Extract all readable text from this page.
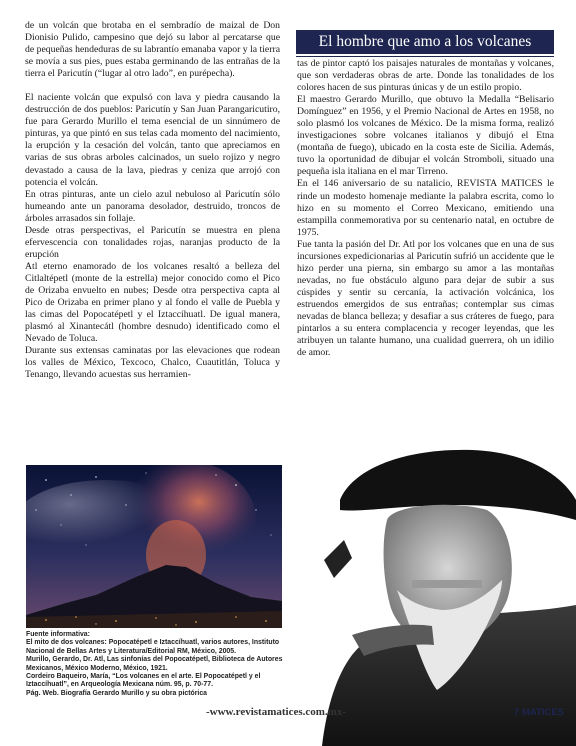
El hombre que amo a los volcanes

de un volcán que brotaba en el sembradío de maizal de Don Dionisio Pulido, campesino que dejó su labor al percatarse que de pequeñas hendeduras de su labrantío emanaba vapor y la tierra se movía a sus pies, pues estaba germinando de las entrañas de la tierra el Paricutín (“lugar al otro lado”, en purépecha).

El naciente volcán que expulsó con lava y piedra causando la destrucción de dos pueblos: Paricutín y San Juan Parangaricutiro, fue para Gerardo Murillo el tema esencial de un sinnúmero de pinturas, ya que pintó en sus telas cada momento del nacimiento, la erupción y la cesación del volcán, tanto que apreciamos en varias de sus obras arboles calcinados, un suelo rojizo y negro devastado a causa de la lava, piedras y ceniza que arrojó con potencia el volcán.

En otras pinturas, ante un cielo azul nebuloso al Paricutín sólo humeando ante un panorama desolador, destruido, troncos de árboles arrasados sin follaje.

Desde otras perspectivas, el Paricutín se muestra en plena efervescencia con tonalidades rojas, naranjas producto de la erupción

Atl eterno enamorado de los volcanes resaltó a belleza del Citlaltépetl (monte de la estrella) mejor conocido como el Pico de Orizaba envuelto en nubes; Desde otra perspectiva capta al Pico de Orizaba en primer plano y al fondo el valle de Puebla y las cimas del Popocatépetl y el Iztaccíhuatl. De igual manera, plasmó al Xinantecátl (hombre desnudo) identificado como el Nevado de Toluca.

Durante sus extensas caminatas por las elevaciones que rodean los valles de México, Texcoco, Chalco, Cuautitlán, Toluca y Tenango, llevando acuestas sus herramien-

tas de pintor captó los paisajes naturales de montañas y volcanes, que son verdaderas obras de arte. Donde las tonalidades de los colores hacen de sus pinturas únicas y de un estilo propio.

El maestro Gerardo Murillo, que obtuvo la Medalla “Belisario Domínguez” en 1956, y el Premio Nacional de Artes en 1958, no solo plasmó los volcanes de México. De la misma forma, realizó investigaciones sobre volcanes italianos y dibujó el Etna (montaña de fuego), ubicado en la costa este de Sicilia. Además, tuvo la oportunidad de dibujar el volcán Stromboli, situado una pequeña isla italiana en el mar Tirreno.

En el 146 aniversario de su natalicio, REVISTA MATICES le rinde un modesto homenaje mediante la palabra escrita, como lo hizo en su momento el Correo Mexicano, emitiendo una estampilla conmemorativa por su centenario natal, en octubre de 1975.

Fue tanta la pasión del Dr. Atl por los volcanes que en una de sus incursiones expedicionarias al Paricutín sufrió un accidente que le hizo perder una pierna, sin embargo su amor a las montañas nevadas, no fue obstáculo alguno para dejar de subir a sus cúspides y sentir su cercanía, la activación volcánica, los estruendos emergidos de sus entrañas; contemplar sus cimas nevadas de blanca belleza; y desafiar a sus cráteres de fuego, para pintarlos a su entera complacencia y recoger leyendas, que les atribuyen un talante humano, una cualidad guerrera, oh un idilio de amor.

Fuente informativa:
El mito de dos volcanes: Popocatépetl e Iztaccíhuatl, varios autores, Instituto Nacional de Bellas Artes y Literatura/Editorial RM, México, 2005.
Murillo, Gerardo, Dr. Atl, Las sinfonías del Popocatépetl, Biblioteca de Autores Mexicanos, México Moderno, México, 1921.
Cordeiro Baqueiro, María, “Los volcanes en el arte. El Popocatépetl y el Iztaccíhuatl”, en Arqueología Mexicana núm. 95, p. 70-77.
Pág. Web. Biografía Gerardo Murillo y su obra pictórica
-www.revistamatices.com.mx-	7 MATICES
